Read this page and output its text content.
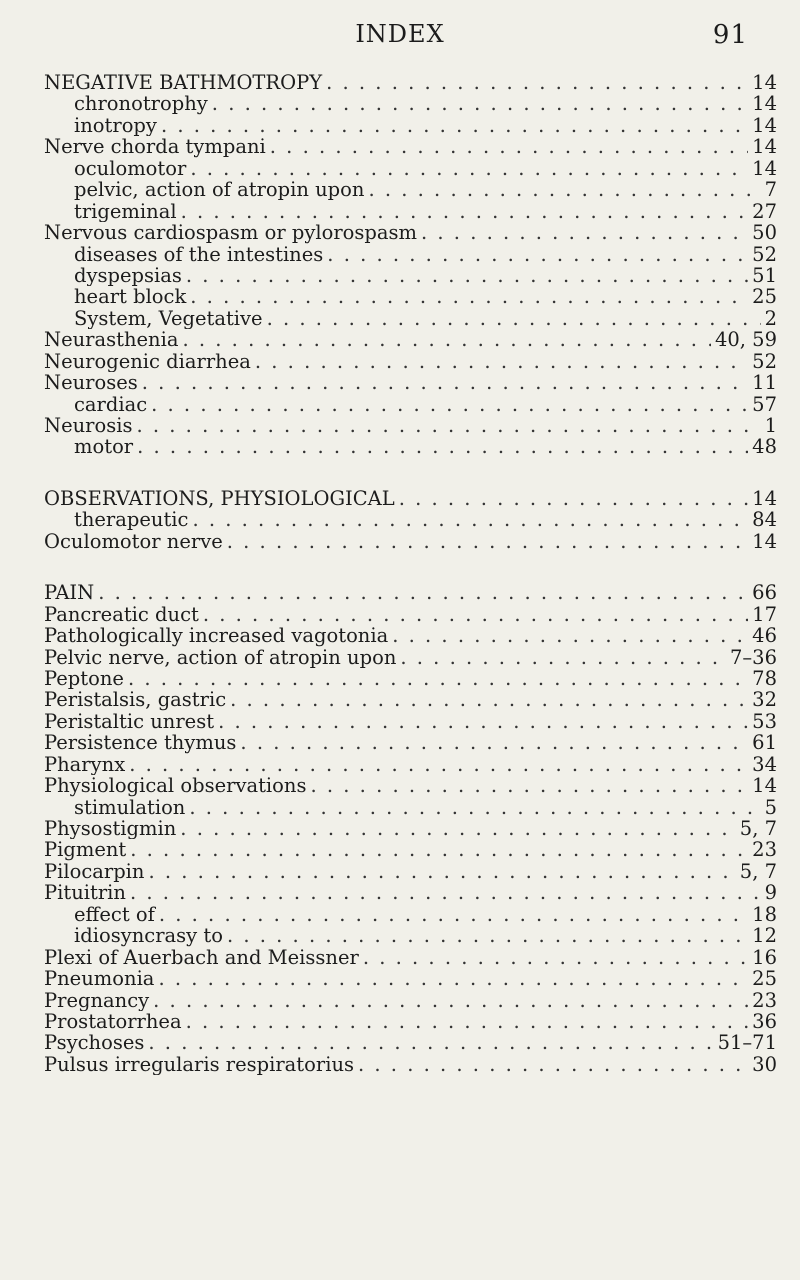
INDEX	91
NEGATIVE BATHMOTROPY . . .	14
chronotrophy . . .	14
inotropy . . .	14
Nerve chorda tympani . . .	14
oculomotor . . .	14
pelvic, action of atropin upon . . .	7
trigeminal . . .	27
Nervous cardiospasm or pylorospasm . . .	50
diseases of the intestines . . .	52
dyspepsias . . .	51
heart block . . .	25
System, Vegetative . . .	2
Neurasthenia . . .	40, 59
Neurogenic diarrhea . . .	52
Neuroses . . .	11
cardiac . . .	57
Neurosis . . .	1
motor . . .	48
OBSERVATIONS, PHYSIOLOGICAL . . .	14
therapeutic . . .	84
Oculomotor nerve . . .	14
PAIN . . .	66
Pancreatic duct . . .	17
Pathologically increased vagotonia . . .	46
Pelvic nerve, action of atropin upon . . .	7–36
Peptone . . .	78
Peristalsis, gastric . . .	32
Peristaltic unrest . . .	53
Persistence thymus . . .	61
Pharynx . . .	34
Physiological observations . . .	14
stimulation . . .	5
Physostigmin . . .	5, 7
Pigment . . .	23
Pilocarpin . . .	5, 7
Pituitrin . . .	9
effect of . . .	18
idiosyncrasy to . . .	12
Plexi of Auerbach and Meissner . . .	16
Pneumonia . . .	25
Pregnancy . . .	23
Prostatorrhea . . .	36
Psychoses . . .	51–71
Pulsus irregularis respiratorius . . .	30
